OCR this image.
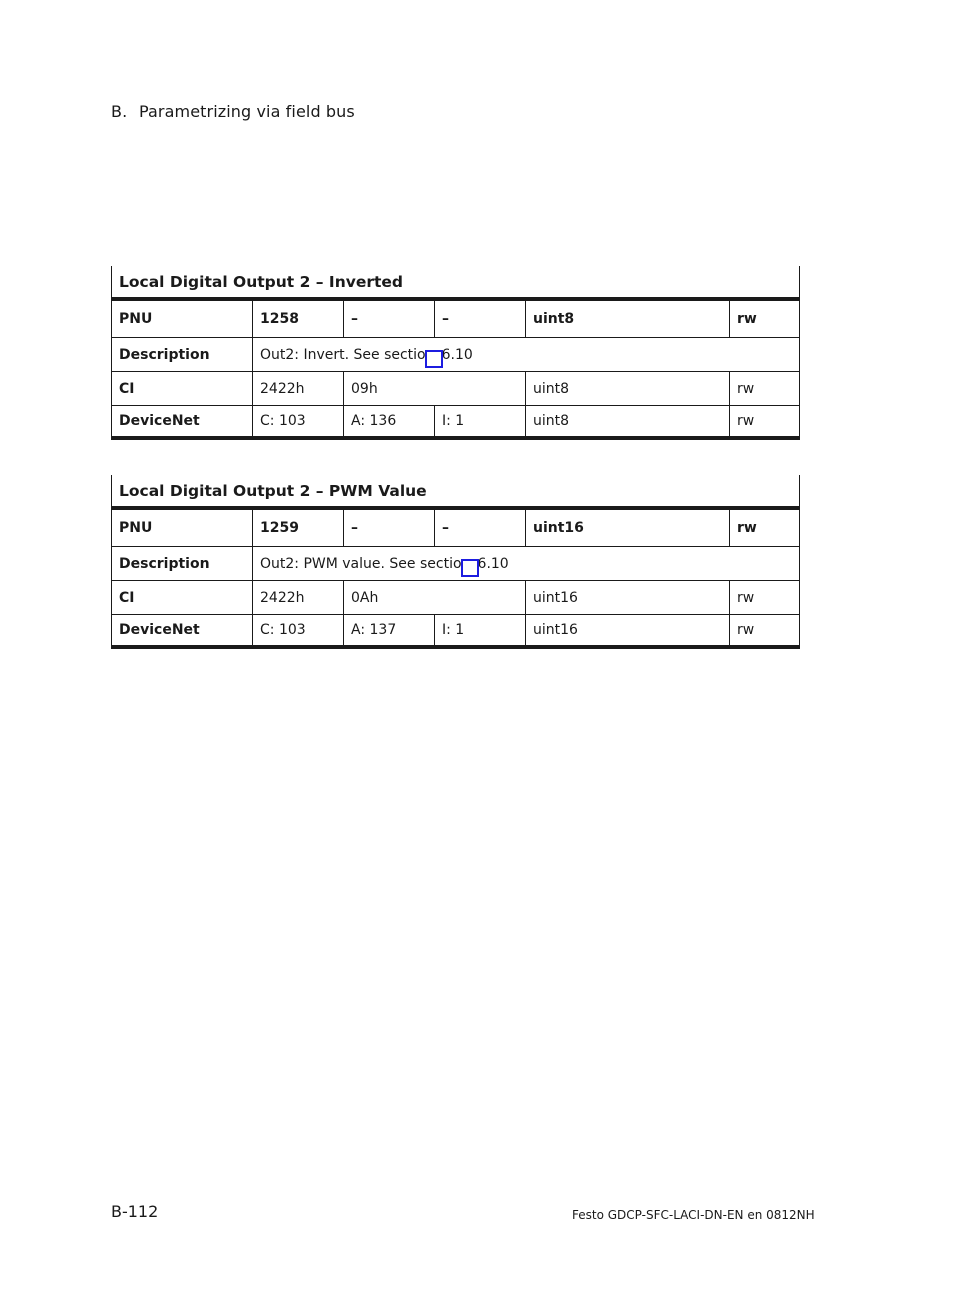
B. Parametrizing via field bus
Local Digital Output 2 – Inverted					
PNU	1258	–	–	uint8	rw
Description	Out2: Invert. See sectio 6.10				
CI	2422h	09h		uint8	rw
DeviceNet	C: 103	A: 136	I: 1	uint8	rw
Local Digital Output 2 – PWM Value					
PNU	1259	–	–	uint16	rw
Description	Out2: PWM value. See sectio 6.10				
CI	2422h	0Ah		uint16	rw
DeviceNet	C: 103	A: 137	I: 1	uint16	rw
B-112	Festo GDCP-SFC-LACI-DN-EN en 0812NH
